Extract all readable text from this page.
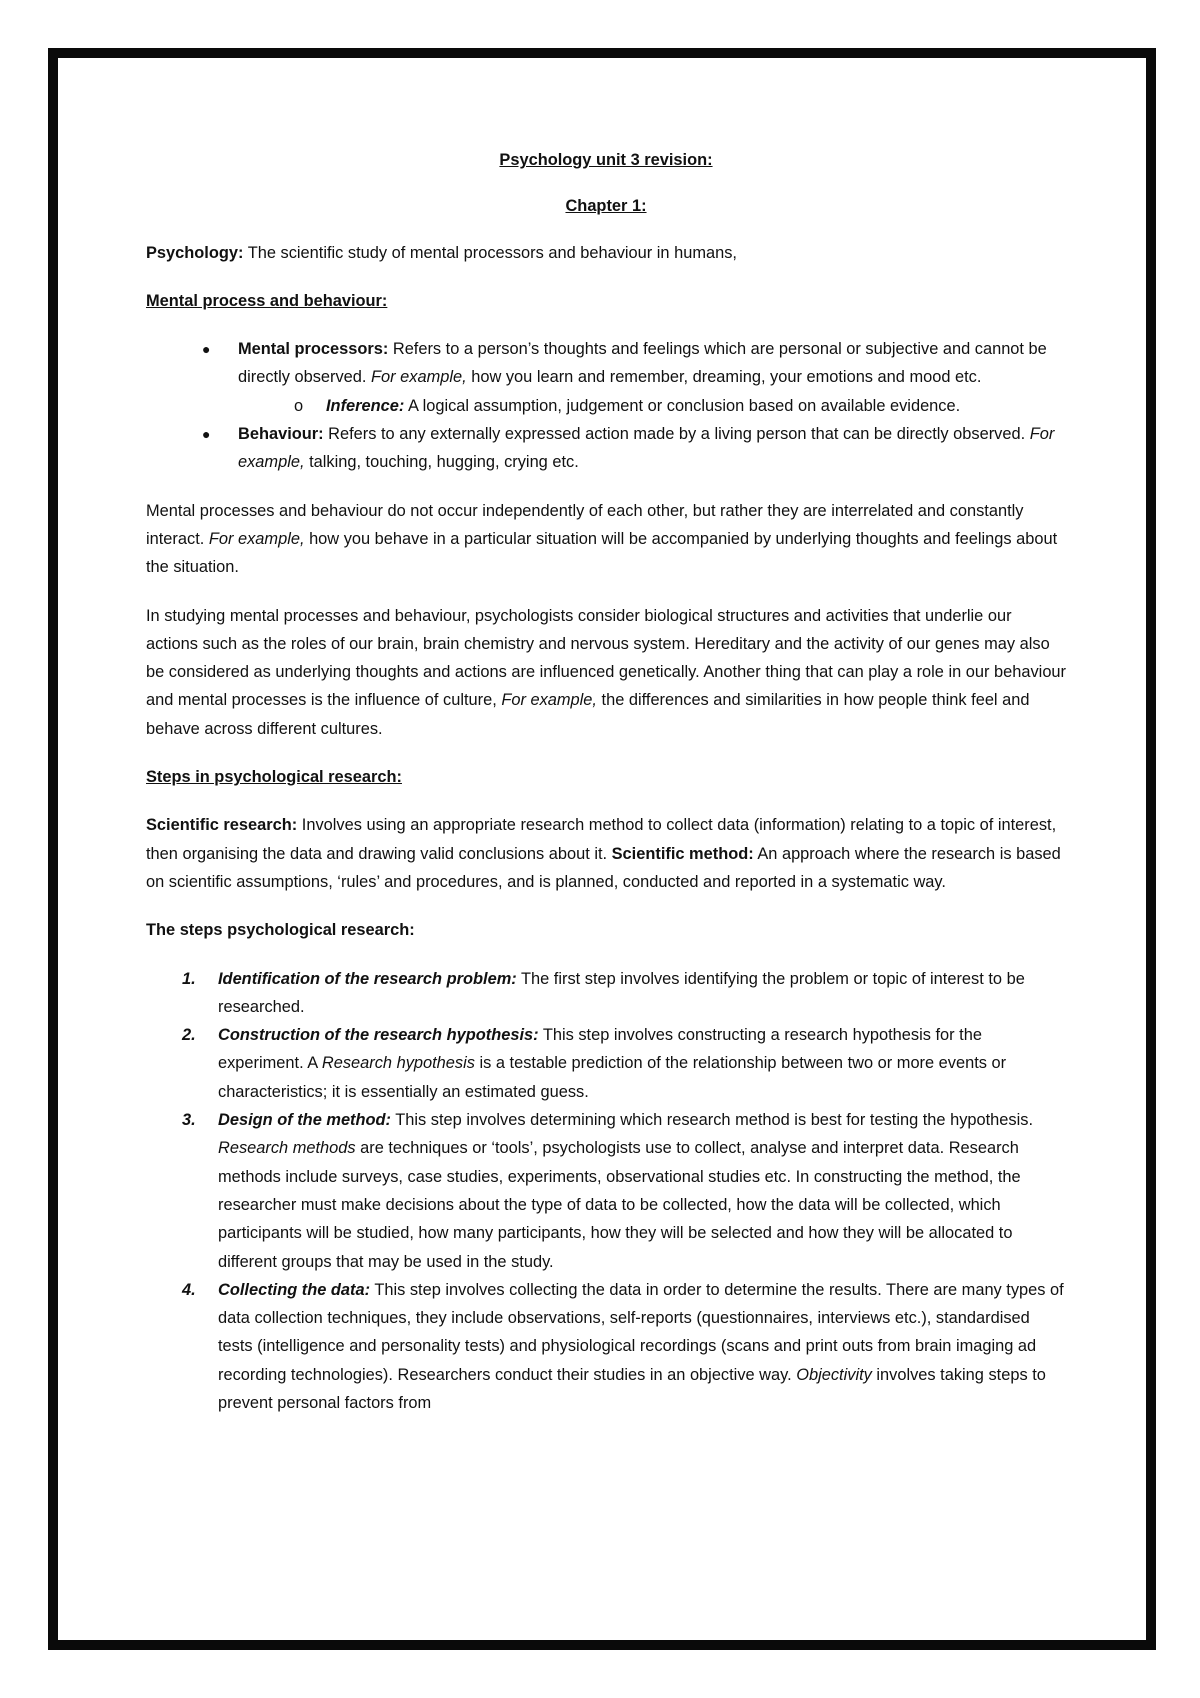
Psychology unit 3 revision:
Chapter 1:

Psychology: The scientific study of mental processors and behaviour in humans,

Mental process and behaviour:
● Mental processors: Refers to a person’s thoughts and feelings which are personal or subjective and cannot be directly observed. For example, how you learn and remember, dreaming, your emotions and mood etc.
o Inference: A logical assumption, judgement or conclusion based on available evidence.
● Behaviour: Refers to any externally expressed action made by a living person that can be directly observed. For example, talking, touching, hugging, crying etc.

Mental processes and behaviour do not occur independently of each other, but rather they are interrelated and constantly interact. For example, how you behave in a particular situation will be accompanied by underlying thoughts and feelings about the situation.

In studying mental processes and behaviour, psychologists consider biological structures and activities that underlie our actions such as the roles of our brain, brain chemistry and nervous system. Hereditary and the activity of our genes may also be considered as underlying thoughts and actions are influenced genetically. Another thing that can play a role in our behaviour and mental processes is the influence of culture, For example, the differences and similarities in how people think feel and behave across different cultures.

Steps in psychological research:

Scientific research: Involves using an appropriate research method to collect data (information) relating to a topic of interest, then organising the data and drawing valid conclusions about it. Scientific method: An approach where the research is based on scientific assumptions, ‘rules’ and procedures, and is planned, conducted and reported in a systematic way.

The steps psychological research:
1. Identification of the research problem: The first step involves identifying the problem or topic of interest to be researched.
2. Construction of the research hypothesis: This step involves constructing a research hypothesis for the experiment. A Research hypothesis is a testable prediction of the relationship between two or more events or characteristics; it is essentially an estimated guess.
3. Design of the method: This step involves determining which research method is best for testing the hypothesis. Research methods are techniques or ‘tools’, psychologists use to collect, analyse and interpret data. Research methods include surveys, case studies, experiments, observational studies etc. In constructing the method, the researcher must make decisions about the type of data to be collected, how the data will be collected, which participants will be studied, how many participants, how they will be selected and how they will be allocated to different groups that may be used in the study.
4. Collecting the data: This step involves collecting the data in order to determine the results. There are many types of data collection techniques, they include observations, self-reports (questionnaires, interviews etc.), standardised tests (intelligence and personality tests) and physiological recordings (scans and print outs from brain imaging ad recording technologies). Researchers conduct their studies in an objective way. Objectivity involves taking steps to prevent personal factors from
